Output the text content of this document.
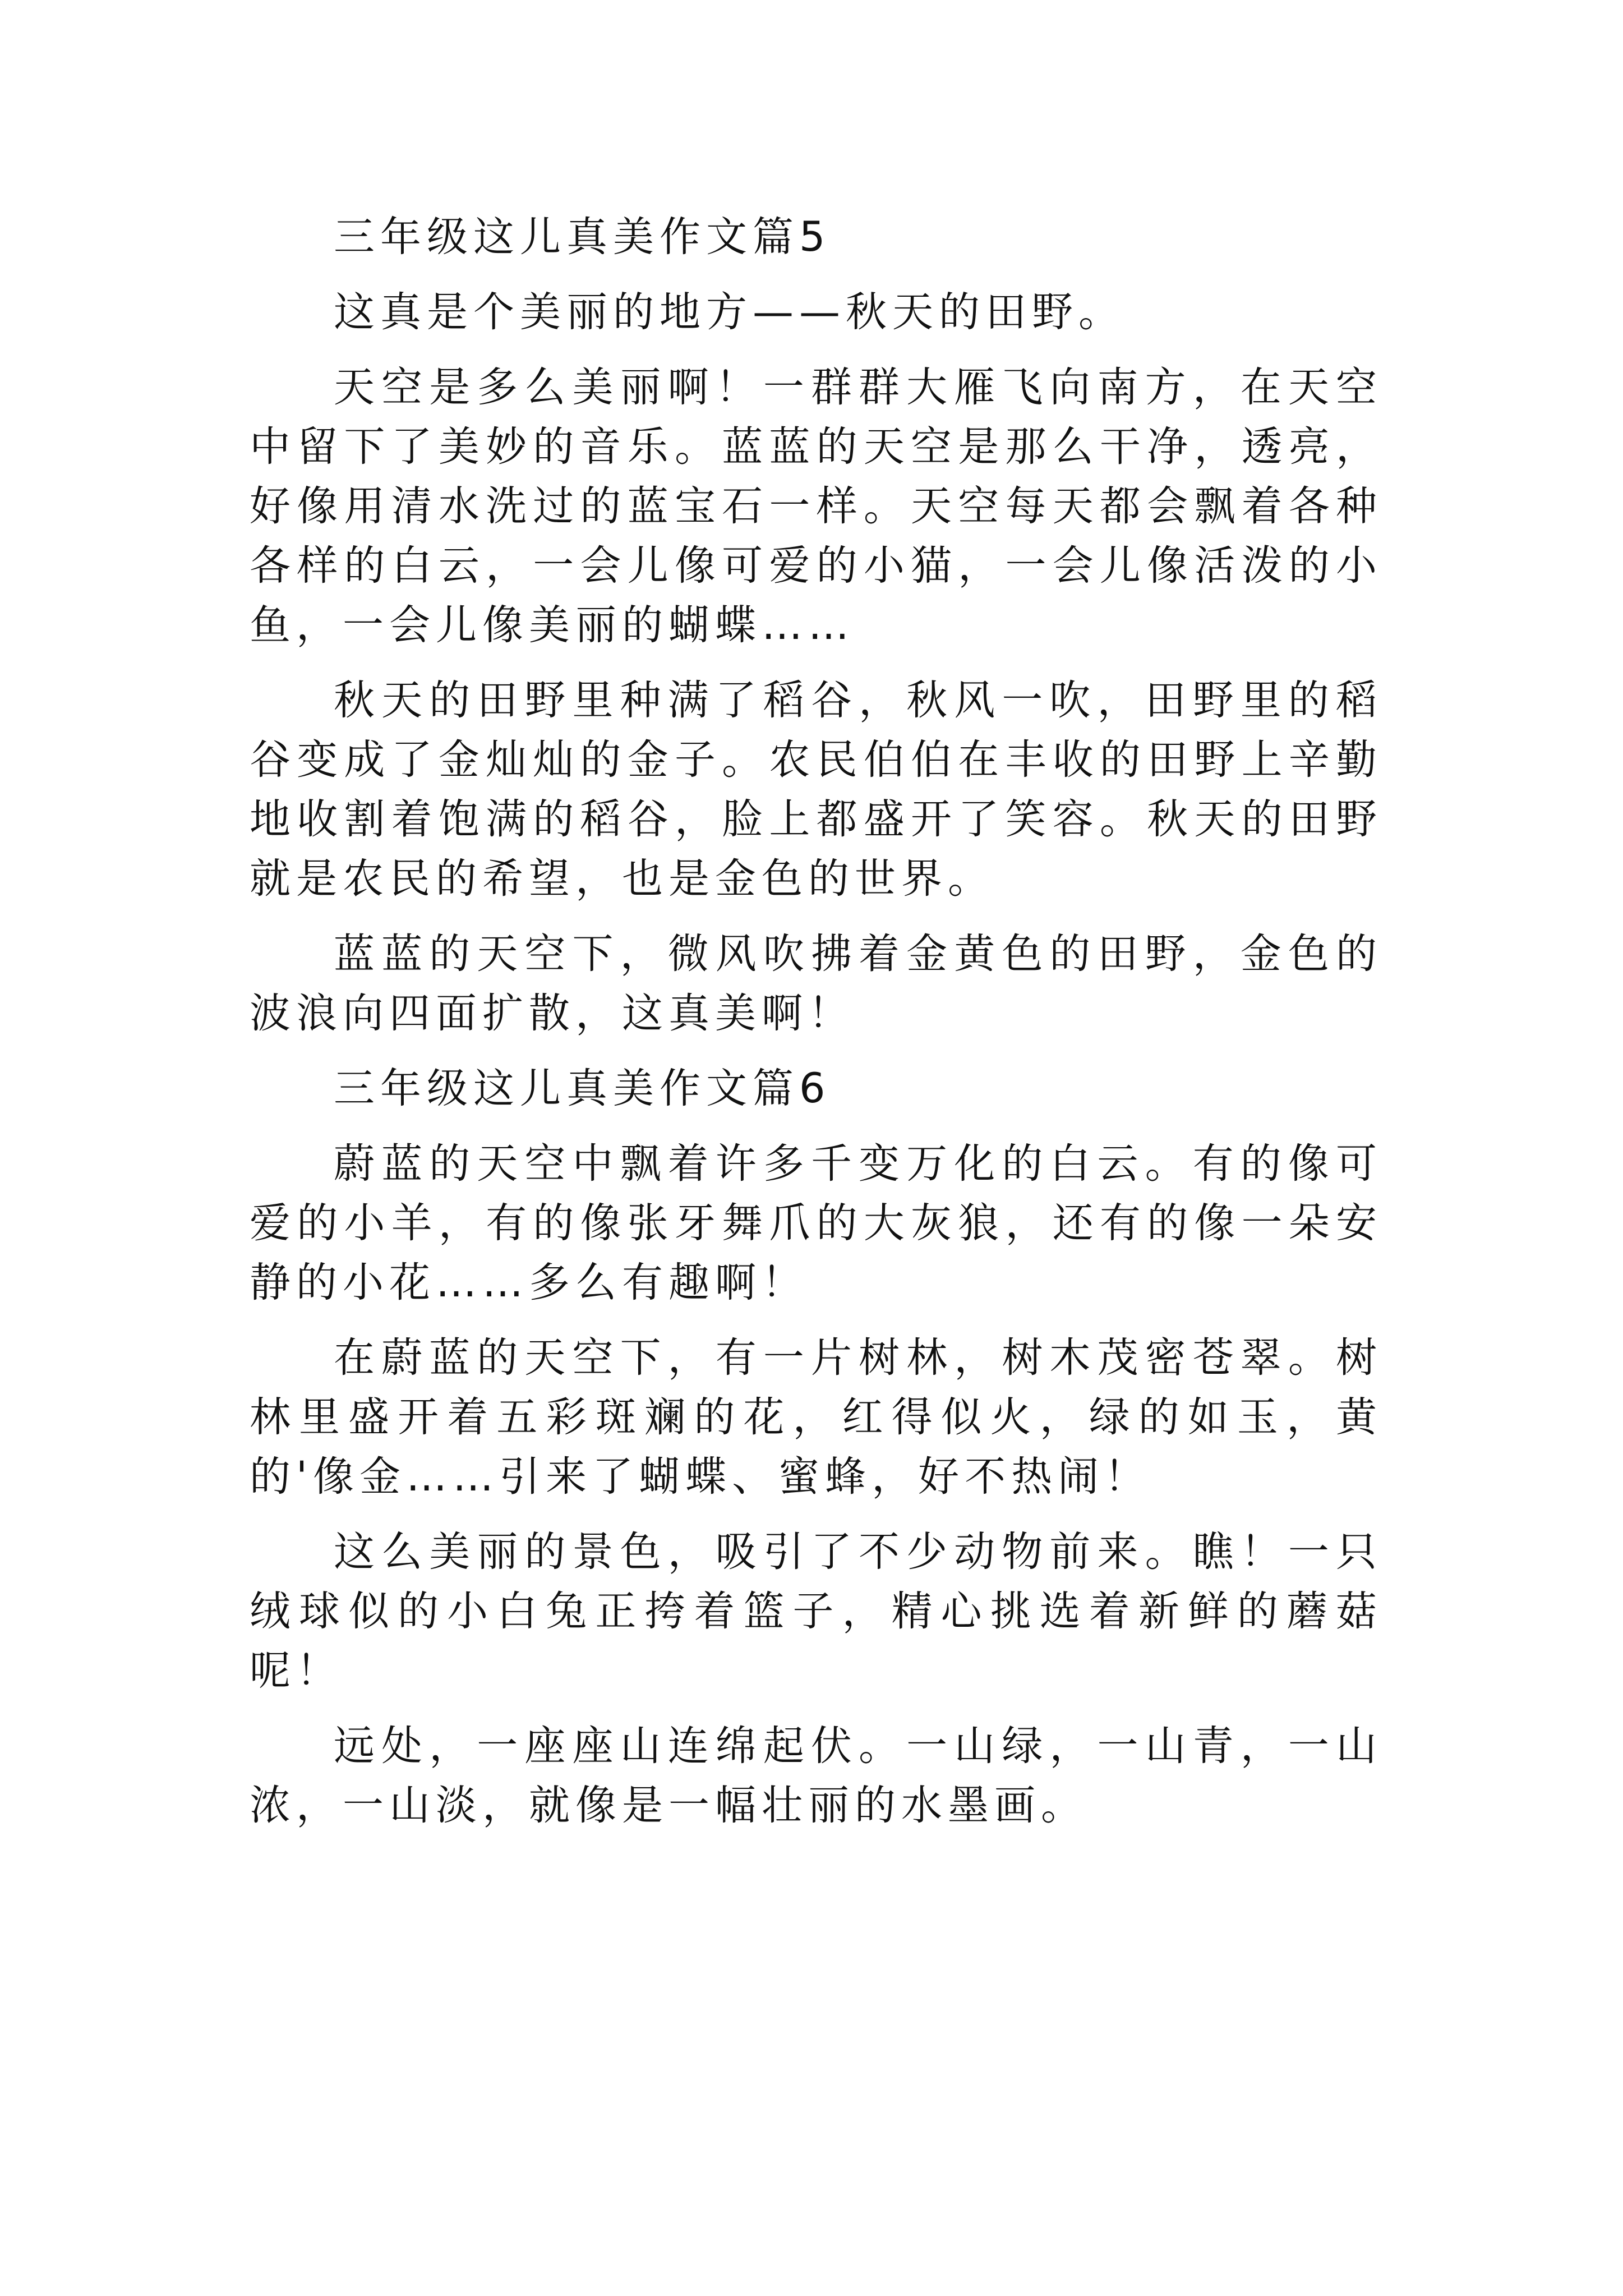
三年级这儿真美作文篇5

这真是个美丽的地方——秋天的田野。

天空是多么美丽啊！一群群大雁飞向南方，在天空中留下了美妙的音乐。蓝蓝的天空是那么干净，透亮，好像用清水洗过的蓝宝石一样。天空每天都会飘着各种各样的白云，一会儿像可爱的小猫，一会儿像活泼的小鱼，一会儿像美丽的蝴蝶……

秋天的田野里种满了稻谷，秋风一吹，田野里的稻谷变成了金灿灿的金子。农民伯伯在丰收的田野上辛勤地收割着饱满的稻谷，脸上都盛开了笑容。秋天的田野就是农民的希望，也是金色的世界。

蓝蓝的天空下，微风吹拂着金黄色的田野，金色的波浪向四面扩散，这真美啊！

三年级这儿真美作文篇6

蔚蓝的天空中飘着许多千变万化的白云。有的像可爱的小羊，有的像张牙舞爪的大灰狼，还有的像一朵安静的小花……多么有趣啊！

在蔚蓝的天空下，有一片树林，树木茂密苍翠。树林里盛开着五彩斑斓的花，红得似火，绿的如玉，黄的'像金……引来了蝴蝶、蜜蜂，好不热闹！

这么美丽的景色，吸引了不少动物前来。瞧！一只绒球似的小白兔正挎着篮子，精心挑选着新鲜的蘑菇呢！

远处，一座座山连绵起伏。一山绿，一山青，一山浓，一山淡，就像是一幅壮丽的水墨画。
